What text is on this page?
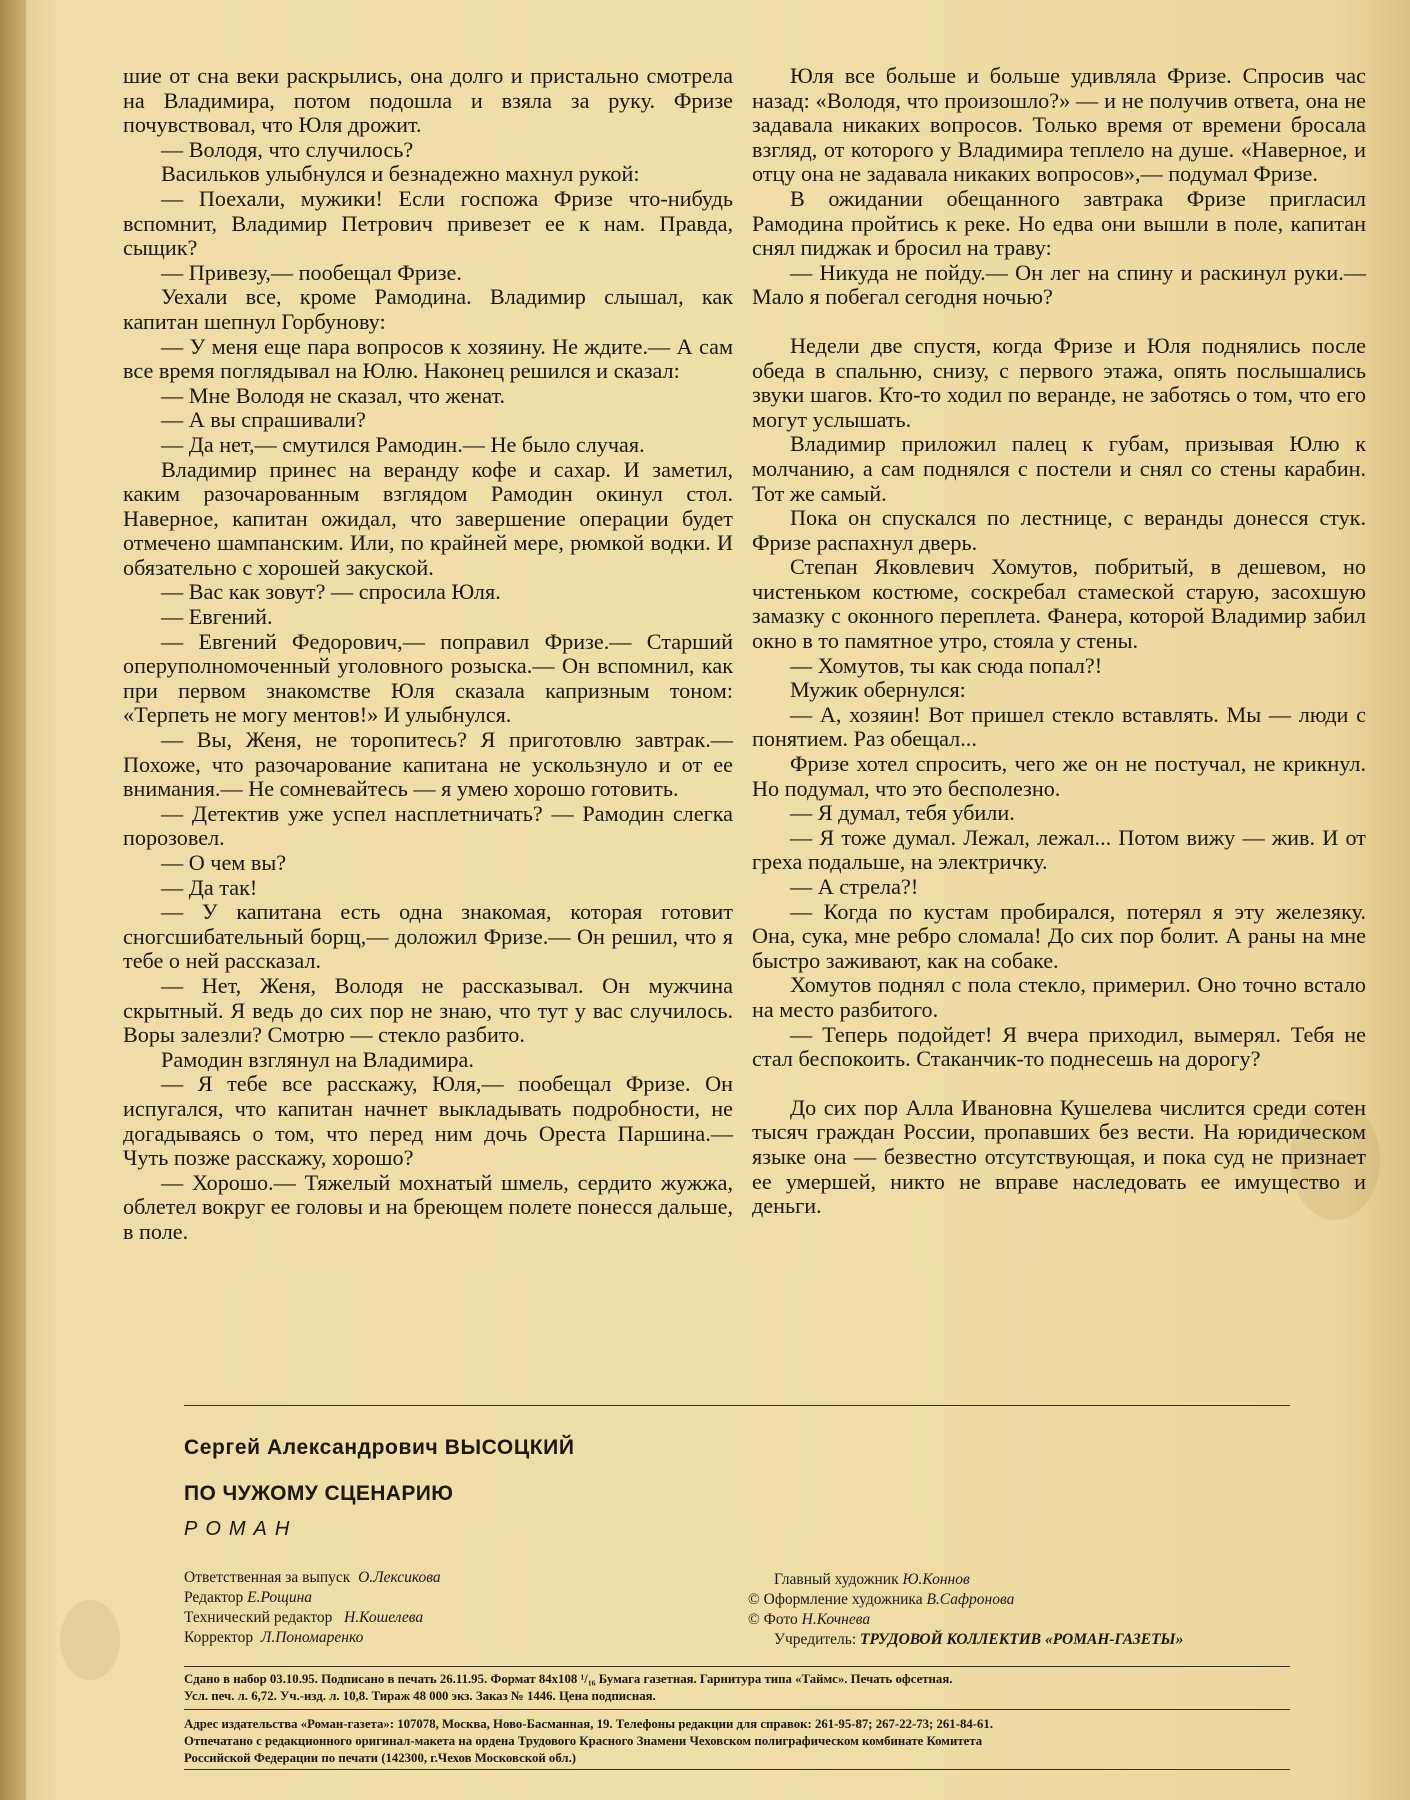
шие от сна веки раскрылись, она долго и пристально смотрела на Владимира, потом подошла и взяла за руку. Фризе почувствовал, что Юля дрожит.

— Володя, что случилось?

Васильков улыбнулся и безнадежно махнул рукой:

— Поехали, мужики! Если госпожа Фризе что-нибудь вспомнит, Владимир Петрович привезет ее к нам. Правда, сыщик?

— Привезу,— пообещал Фризе.

Уехали все, кроме Рамодина. Владимир слышал, как капитан шепнул Горбунову:

— У меня еще пара вопросов к хозяину. Не ждите.— А сам все время поглядывал на Юлю. Наконец решился и сказал:

— Мне Володя не сказал, что женат.

— А вы спрашивали?

— Да нет,— смутился Рамодин.— Не было случая.

Владимир принес на веранду кофе и сахар. И заметил, каким разочарованным взглядом Рамодин окинул стол. Наверное, капитан ожидал, что завершение операции будет отмечено шампанским. Или, по крайней мере, рюмкой водки. И обязательно с хорошей закуской.

— Вас как зовут? — спросила Юля.

— Евгений.

— Евгений Федорович,— поправил Фризе.— Старший оперуполномоченный уголовного розыска.— Он вспомнил, как при первом знакомстве Юля сказала капризным тоном: «Терпеть не могу ментов!» И улыбнулся.

— Вы, Женя, не торопитесь? Я приготовлю завтрак.— Похоже, что разочарование капитана не ускользнуло и от ее внимания.— Не сомневайтесь — я умею хорошо готовить.

— Детектив уже успел насплетничать? — Рамодин слегка порозовел.

— О чем вы?

— Да так!

— У капитана есть одна знакомая, которая готовит сногсшибательный борщ,— доложил Фризе.— Он решил, что я тебе о ней рассказал.

— Нет, Женя, Володя не рассказывал. Он мужчина скрытный. Я ведь до сих пор не знаю, что тут у вас случилось. Воры залезли? Смотрю — стекло разбито.

Рамодин взглянул на Владимира.

— Я тебе все расскажу, Юля,— пообещал Фризе. Он испугался, что капитан начнет выкладывать подробности, не догадываясь о том, что перед ним дочь Ореста Паршина.— Чуть позже расскажу, хорошо?

— Хорошо.— Тяжелый мохнатый шмель, сердито жужжа, облетел вокруг ее головы и на бреющем полете понесся дальше, в поле.

Юля все больше и больше удивляла Фризе. Спросив час назад: «Володя, что произошло?» — и не получив ответа, она не задавала никаких вопросов. Только время от времени бросала взгляд, от которого у Владимира теплело на душе. «Наверное, и отцу она не задавала никаких вопросов»,— подумал Фризе.

В ожидании обещанного завтрака Фризе пригласил Рамодина пройтись к реке. Но едва они вышли в поле, капитан снял пиджак и бросил на траву:

— Никуда не пойду.— Он лег на спину и раскинул руки.— Мало я побегал сегодня ночью?

Недели две спустя, когда Фризе и Юля поднялись после обеда в спальню, снизу, с первого этажа, опять послышались звуки шагов. Кто-то ходил по веранде, не заботясь о том, что его могут услышать.

Владимир приложил палец к губам, призывая Юлю к молчанию, а сам поднялся с постели и снял со стены карабин. Тот же самый.

Пока он спускался по лестнице, с веранды донесся стук. Фризе распахнул дверь.

Степан Яковлевич Хомутов, побритый, в дешевом, но чистеньком костюме, соскребал стамеской старую, засохшую замазку с оконного переплета. Фанера, которой Владимир забил окно в то памятное утро, стояла у стены.

— Хомутов, ты как сюда попал?!

Мужик обернулся:

— А, хозяин! Вот пришел стекло вставлять. Мы — люди с понятием. Раз обещал...

Фризе хотел спросить, чего же он не постучал, не крикнул. Но подумал, что это бесполезно.

— Я думал, тебя убили.

— Я тоже думал. Лежал, лежал... Потом вижу — жив. И от греха подальше, на электричку.

— А стрела?!

— Когда по кустам пробирался, потерял я эту железяку. Она, сука, мне ребро сломала! До сих пор болит. А раны на мне быстро заживают, как на собаке.

Хомутов поднял с пола стекло, примерил. Оно точно встало на место разбитого.

— Теперь подойдет! Я вчера приходил, вымерял. Тебя не стал беспокоить. Стаканчик-то поднесешь на дорогу?

До сих пор Алла Ивановна Кушелева числится среди сотен тысяч граждан России, пропавших без вести. На юридическом языке она — безвестно отсутствующая, и пока суд не признает ее умершей, никто не вправе наследовать ее имущество и деньги.

Сергей Александрович ВЫСОЦКИЙ
ПО ЧУЖОМУ СЦЕНАРИЮ
РОМАН
Ответственная за выпуск О.Лексикова
Редактор Е.Рощина
Технический редактор Н.Кошелева
Корректор Л.Пономаренко
Главный художник Ю.Коннов
© Оформление художника В.Сафронова
© Фото Н.Кочнева
Учредитель: ТРУДОВОЙ КОЛЛЕКТИВ «РОМАН-ГАЗЕТЫ»
Сдано в набор 03.10.95. Подписано в печать 26.11.95. Формат 84х108 ¹/₁₆ Бумага газетная. Гарнитура типа «Таймс». Печать офсетная.
Усл. печ. л. 6,72. Уч.-изд. л. 10,8. Тираж 48 000 экз. Заказ № 1446. Цена подписная.
Адрес издательства «Роман-газета»: 107078, Москва, Ново-Басманная, 19. Телефоны редакции для справок: 261-95-87; 267-22-73; 261-84-61.
Отпечатано с редакционного оригинал-макета на ордена Трудового Красного Знамени Чеховском полиграфическом комбинате Комитета
Российской Федерации по печати (142300, г.Чехов Московской обл.)
